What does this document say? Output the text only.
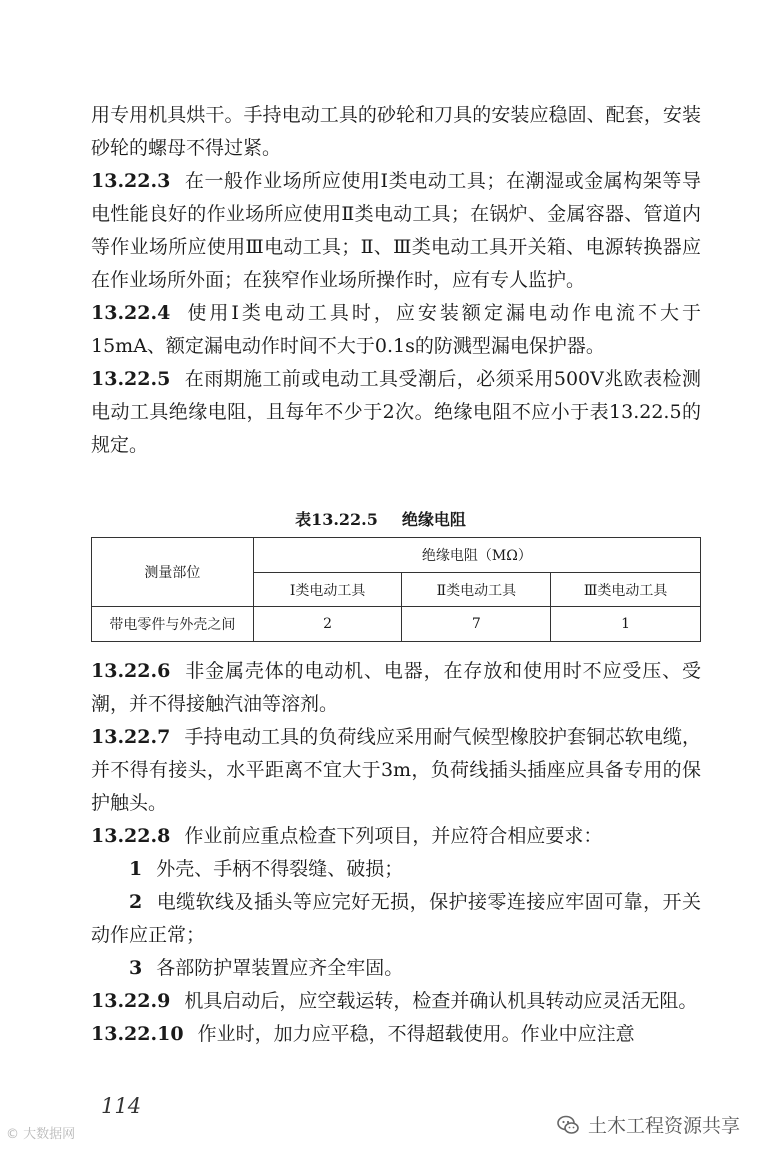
用专用机具烘干。手持电动工具的砂轮和刀具的安装应稳固、配套，安装砂轮的螺母不得过紧。

13.22.3 在一般作业场所应使用Ⅰ类电动工具；在潮湿或金属构架等导电性能良好的作业场所应使用Ⅱ类电动工具；在锅炉、金属容器、管道内等作业场所应使用Ⅲ电动工具；Ⅱ、Ⅲ类电动工具开关箱、电源转换器应在作业场所外面；在狭窄作业场所操作时，应有专人监护。

13.22.4 使用Ⅰ类电动工具时，应安装额定漏电动作电流不大于15mA、额定漏电动作时间不大于0.1s的防溅型漏电保护器。

13.22.5 在雨期施工前或电动工具受潮后，必须采用500V兆欧表检测电动工具绝缘电阻，且每年不少于2次。绝缘电阻不应小于表13.22.5的规定。

表13.22.5 绝缘电阻
测量部位	绝缘电阻（MΩ）		
	Ⅰ类电动工具	Ⅱ类电动工具	Ⅲ类电动工具
带电零件与外壳之间	2	7	1

13.22.6 非金属壳体的电动机、电器，在存放和使用时不应受压、受潮，并不得接触汽油等溶剂。

13.22.7 手持电动工具的负荷线应采用耐气候型橡胶护套铜芯软电缆，并不得有接头，水平距离不宜大于3m，负荷线插头插座应具备专用的保护触头。

13.22.8 作业前应重点检查下列项目，并应符合相应要求：

1 外壳、手柄不得裂缝、破损；

2 电缆软线及插头等应完好无损，保护接零连接应牢固可靠，开关动作应正常；

3 各部防护罩装置应齐全牢固。

13.22.9 机具启动后，应空载运转，检查并确认机具转动应灵活无阻。

13.22.10 作业时，加力应平稳，不得超载使用。作业中应注意

114
© 大数据网	土木工程资源共享
